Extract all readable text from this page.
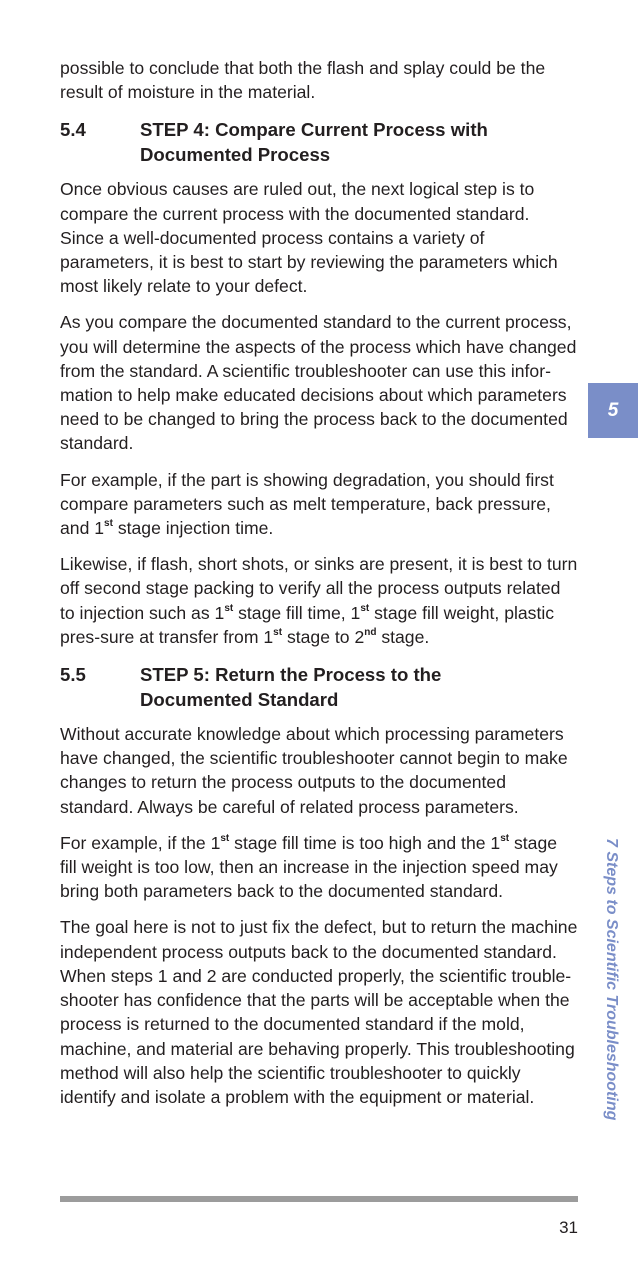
possible to conclude that both the flash and splay could be the result of moisture in the material.

5.4	STEP 4: Compare Current Process with
Documented Process

Once obvious causes are ruled out, the next logical step is to compare the current process with the documented standard. Since a well-documented process contains a variety of parameters, it is best to start by reviewing the parameters which most likely relate to your defect.

As you compare the documented standard to the current process, you will determine the aspects of the process which have changed from the standard. A scientific troubleshooter can use this infor-mation to help make educated decisions about which parameters need to be changed to bring the process back to the documented standard.

For example, if the part is showing degradation, you should first compare parameters such as melt temperature, back pressure, and 1st stage injection time.

Likewise, if flash, short shots, or sinks are present, it is best to turn off second stage packing to verify all the process outputs related to injection such as 1st stage fill time, 1st stage fill weight, plastic pres-sure at transfer from 1st stage to 2nd stage.

5.5	STEP 5: Return the Process to the
Documented Standard

Without accurate knowledge about which processing parameters have changed, the scientific troubleshooter cannot begin to make changes to return the process outputs to the documented standard. Always be careful of related process parameters.

For example, if the 1st stage fill time is too high and the 1st stage fill weight is too low, then an increase in the injection speed may bring both parameters back to the documented standard.

The goal here is not to just fix the defect, but to return the machine independent process outputs back to the documented standard. When steps 1 and 2 are conducted properly, the scientific trouble-shooter has confidence that the parts will be acceptable when the process is returned to the documented standard if the mold, machine, and material are behaving properly. This troubleshooting method will also help the scientific troubleshooter to quickly identify and isolate a problem with the equipment or material.

5
7 Steps to Scientific Troubleshooting
31
